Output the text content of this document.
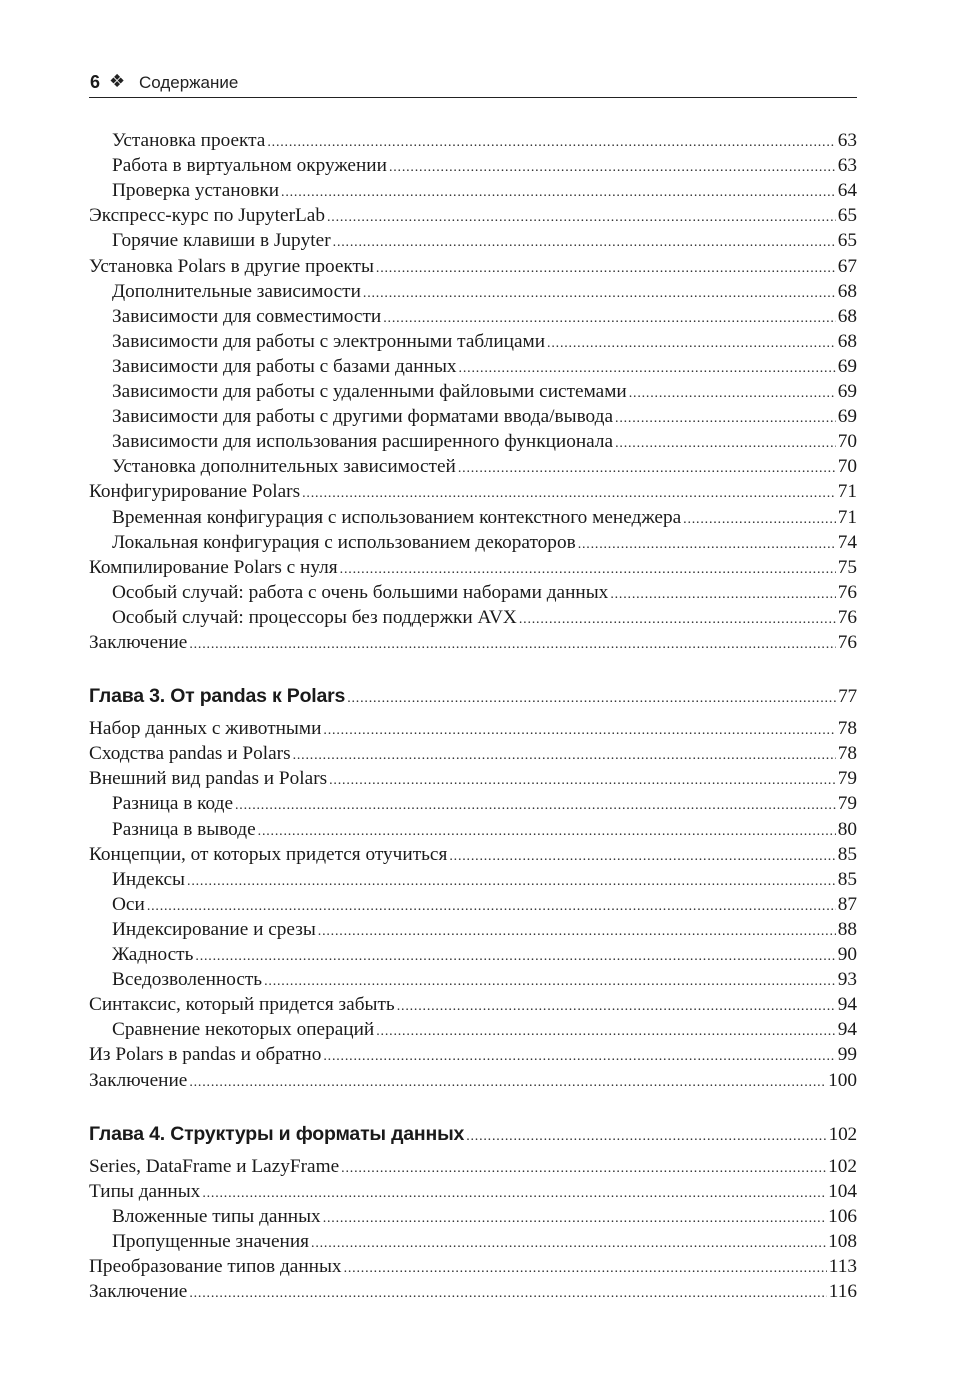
6 ❖ Содержание
Установка проекта .....	63
Работа в виртуальном окружении .....	63
Проверка установки .....	64
Экспресс-курс по JupyterLab .....	65
Горячие клавиши в Jupyter .....	65
Установка Polars в другие проекты .....	67
Дополнительные зависимости .....	68
Зависимости для совместимости .....	68
Зависимости для работы с электронными таблицами .....	68
Зависимости для работы с базами данных .....	69
Зависимости для работы с удаленными файловыми системами .....	69
Зависимости для работы с другими форматами ввода/вывода .....	69
Зависимости для использования расширенного функционала .....	70
Установка дополнительных зависимостей .....	70
Конфигурирование Polars .....	71
Временная конфигурация с использованием контекстного менеджера .....	71
Локальная конфигурация с использованием декораторов .....	74
Компилирование Polars с нуля .....	75
Особый случай: работа с очень большими наборами данных .....	76
Особый случай: процессоры без поддержки AVX .....	76
Заключение .....	76
Глава 3. От pandas к Polars .....	77
Набор данных с животными .....	78
Сходства pandas и Polars .....	78
Внешний вид pandas и Polars .....	79
Разница в коде .....	79
Разница в выводе .....	80
Концепции, от которых придется отучиться .....	85
Индексы .....	85
Оси .....	87
Индексирование и срезы .....	88
Жадность .....	90
Вседозволенность .....	93
Синтаксис, который придется забыть .....	94
Сравнение некоторых операций .....	94
Из Polars в pandas и обратно .....	99
Заключение .....	100
Глава 4. Структуры и форматы данных .....	102
Series, DataFrame и LazyFrame .....	102
Типы данных .....	104
Вложенные типы данных .....	106
Пропущенные значения .....	108
Преобразование типов данных .....	113
Заключение .....	116
